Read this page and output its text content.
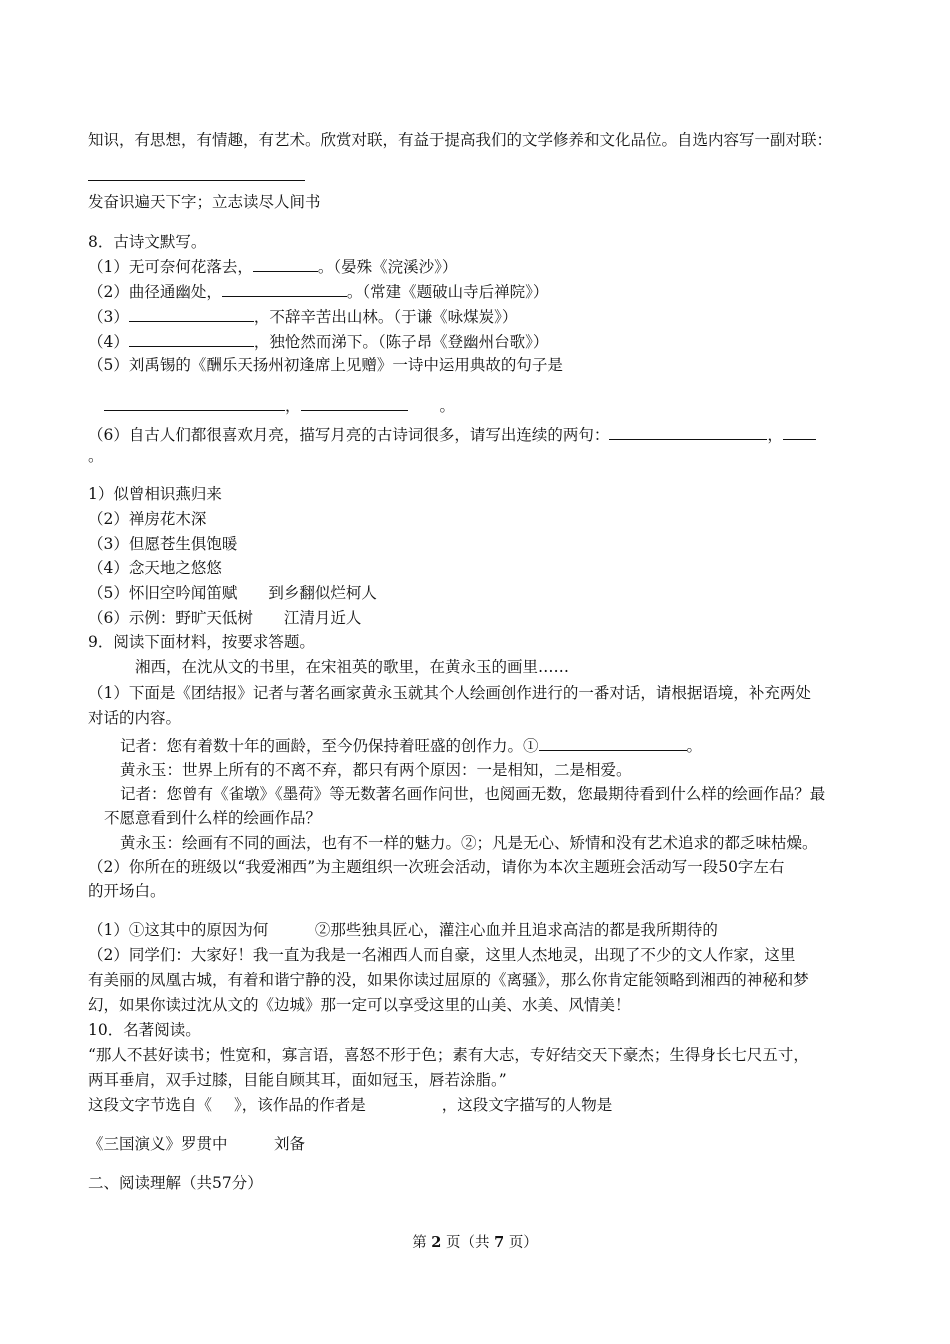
知识，有思想，有情趣，有艺术。欣赏对联，有益于提高我们的文学修养和文化品位。自选内容写一副对联：
发奋识遍天下字；立志读尽人间书
8．古诗文默写。
（1）无可奈何花落去，	。（晏殊《浣溪沙》）
（2）曲径通幽处，	。（常建《题破山寺后禅院》）
（3）	，不辞辛苦出山林。（于谦《咏煤炭》）
（4）	，独怆然而涕下。（陈子昂《登幽州台歌》）
（5）刘禹锡的《酬乐天扬州初逢席上见赠》一诗中运用典故的句子是
，	。
（6）自古人们都很喜欢月亮，描写月亮的古诗词很多，请写出连续的两句：	，
。
1）似曾相识燕归来
（2）禅房花木深
（3）但愿苍生俱饱暖
（4）念天地之悠悠
（5）怀旧空吟闻笛赋　　到乡翻似烂柯人
（6）示例：野旷天低树　　江清月近人
9．阅读下面材料，按要求答题。
湘西，在沈从文的书里，在宋祖英的歌里，在黄永玉的画里……
（1）下面是《团结报》记者与著名画家黄永玉就其个人绘画创作进行的一番对话，请根据语境，补充两处
对话的内容。
记者：您有着数十年的画龄，至今仍保持着旺盛的创作力。①	。
黄永玉：世界上所有的不离不弃，都只有两个原因：一是相知，二是相爱。
记者：您曾有《雀墩》《墨荷》等无数著名画作问世，也阅画无数，您最期待看到什么样的绘画作品？最
不愿意看到什么样的绘画作品？
黄永玉：绘画有不同的画法，也有不一样的魅力。②；凡是无心、矫情和没有艺术追求的都乏味枯燥。
（2）你所在的班级以“我爱湘西”为主题组织一次班会活动，请你为本次主题班会活动写一段50字左右
的开场白。
（1）①这其中的原因为何　　　②那些独具匠心，灌注心血并且追求高洁的都是我所期待的
（2）同学们：大家好！我一直为我是一名湘西人而自豪，这里人杰地灵，出现了不少的文人作家，这里
有美丽的凤凰古城，有着和谐宁静的没，如果你读过屈原的《离骚》，那么你肯定能领略到湘西的神秘和梦
幻，如果你读过沈从文的《边城》那一定可以享受这里的山美、水美、风情美！
10．名著阅读。
“那人不甚好读书；性宽和，寡言语，喜怒不形于色；素有大志，专好结交天下豪杰；生得身长七尺五寸，
两耳垂肩，双手过膝，目能自顾其耳，面如冠玉，唇若涂脂。”
这段文字节选自《 》，该作品的作者是	，这段文字描写的人物是
《三国演义》罗贯中　　　刘备
二、阅读理解（共57分）
第 2 页（共 7 页）
